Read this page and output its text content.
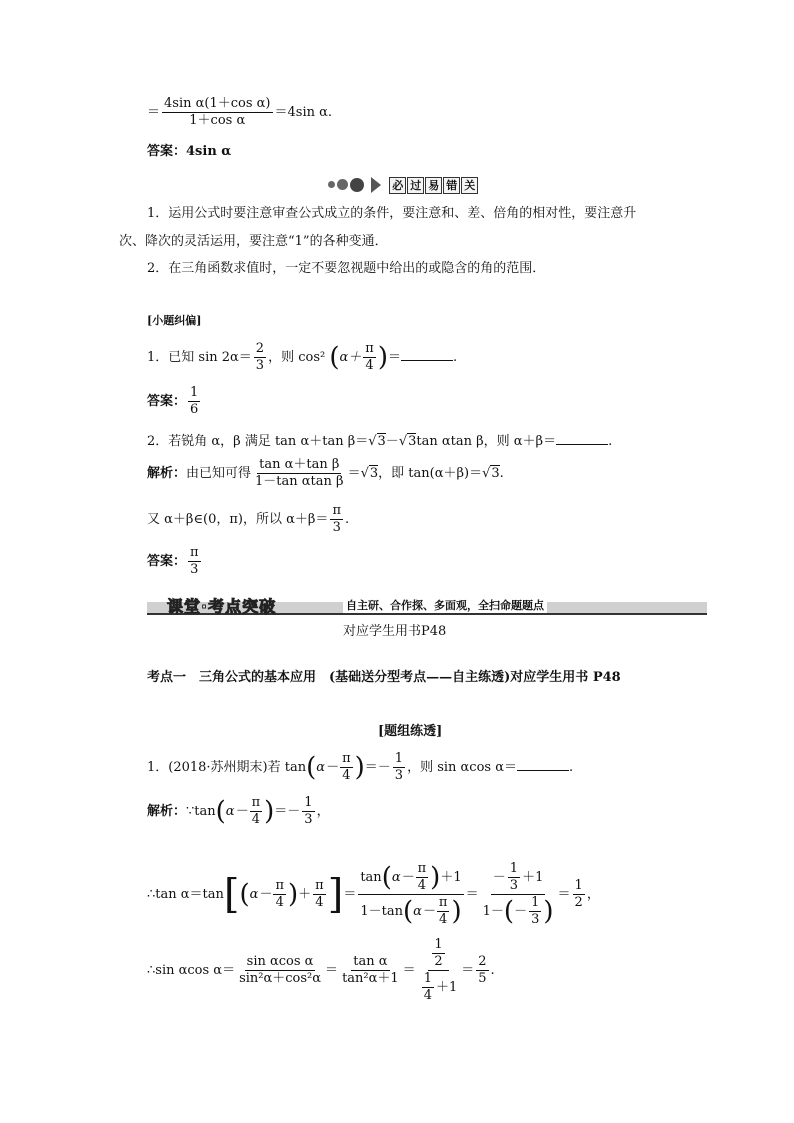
＝ $\frac{\text{4sin α(1＋cos α)}}{\text{1＋cos α}} =4\sin$ α.
答案：4sin α
必 过 易 错 关
1．运用公式时要注意审查公式成立的条件，要注意和、差、倍角的相对性，要注意升
次、降次的灵活运用，要注意“1”的各种变通．
2．在三角函数求值时，一定不要忽视题中给出的或隐含的角的范围．
[小题纠偏]
1．已知 $\sin 2\alpha= \frac{2}{3}$ ，则 cos² ($\alpha+ \frac{\pi}{4}$ )＝	.
答案： $\frac{1}{6}$
2．若锐角 α，β 满足 tan α＋tan β＝√3－√3tan αtan β，则 α＋β＝	.
解析：由已知可得 $\frac{\text{tan α＋tan β}}{\text{1－tan αtan β}} =√3$，即 tan(α＋β)＝√3.
又 α＋β∈(0，π)，所以 $\alpha+\beta= \frac{\pi}{3}$ .
答案： $\frac{\pi}{3}$
课堂·考点突破	自主研、合作探、多面观，全扫命题题点
对应学生用书P48
考点一　三角公式的基本应用　(基础送分型考点——自主练透)对应学生用书 P48
[题组练透]
1．(2018·苏州期末)若 $\tan(\alpha- \frac{\pi}{4}$ )＝－ $\frac{1}{3}$ ，则 sin αcos α＝	.
解析：∵tan(α－ $\frac{\pi}{4}$ )＝－ $\frac{1}{3}$ ，
∴tan $\alpha=\tan[(\alpha- \frac{\pi}{4}$ )＋ $\frac{\pi}{4}$ ]＝ $\frac{\tan(\alpha- \frac{\pi}{4} )+1}{1-\tan(\alpha- \frac{\pi}{4} )} = \frac{- \frac{1}{3} +1}{1-(- \frac{1}{3} )} = \frac{1}{2}$ ，
∴sin αcos $\alpha= \frac{\text{sin αcos α}}{\text{sin²α＋cos²α}} = \frac{\text{tan α}}{\text{tan²α＋1}} = \frac{\frac{1}{2}}{\frac{1}{4} +1} = \frac{2}{5}$ .
